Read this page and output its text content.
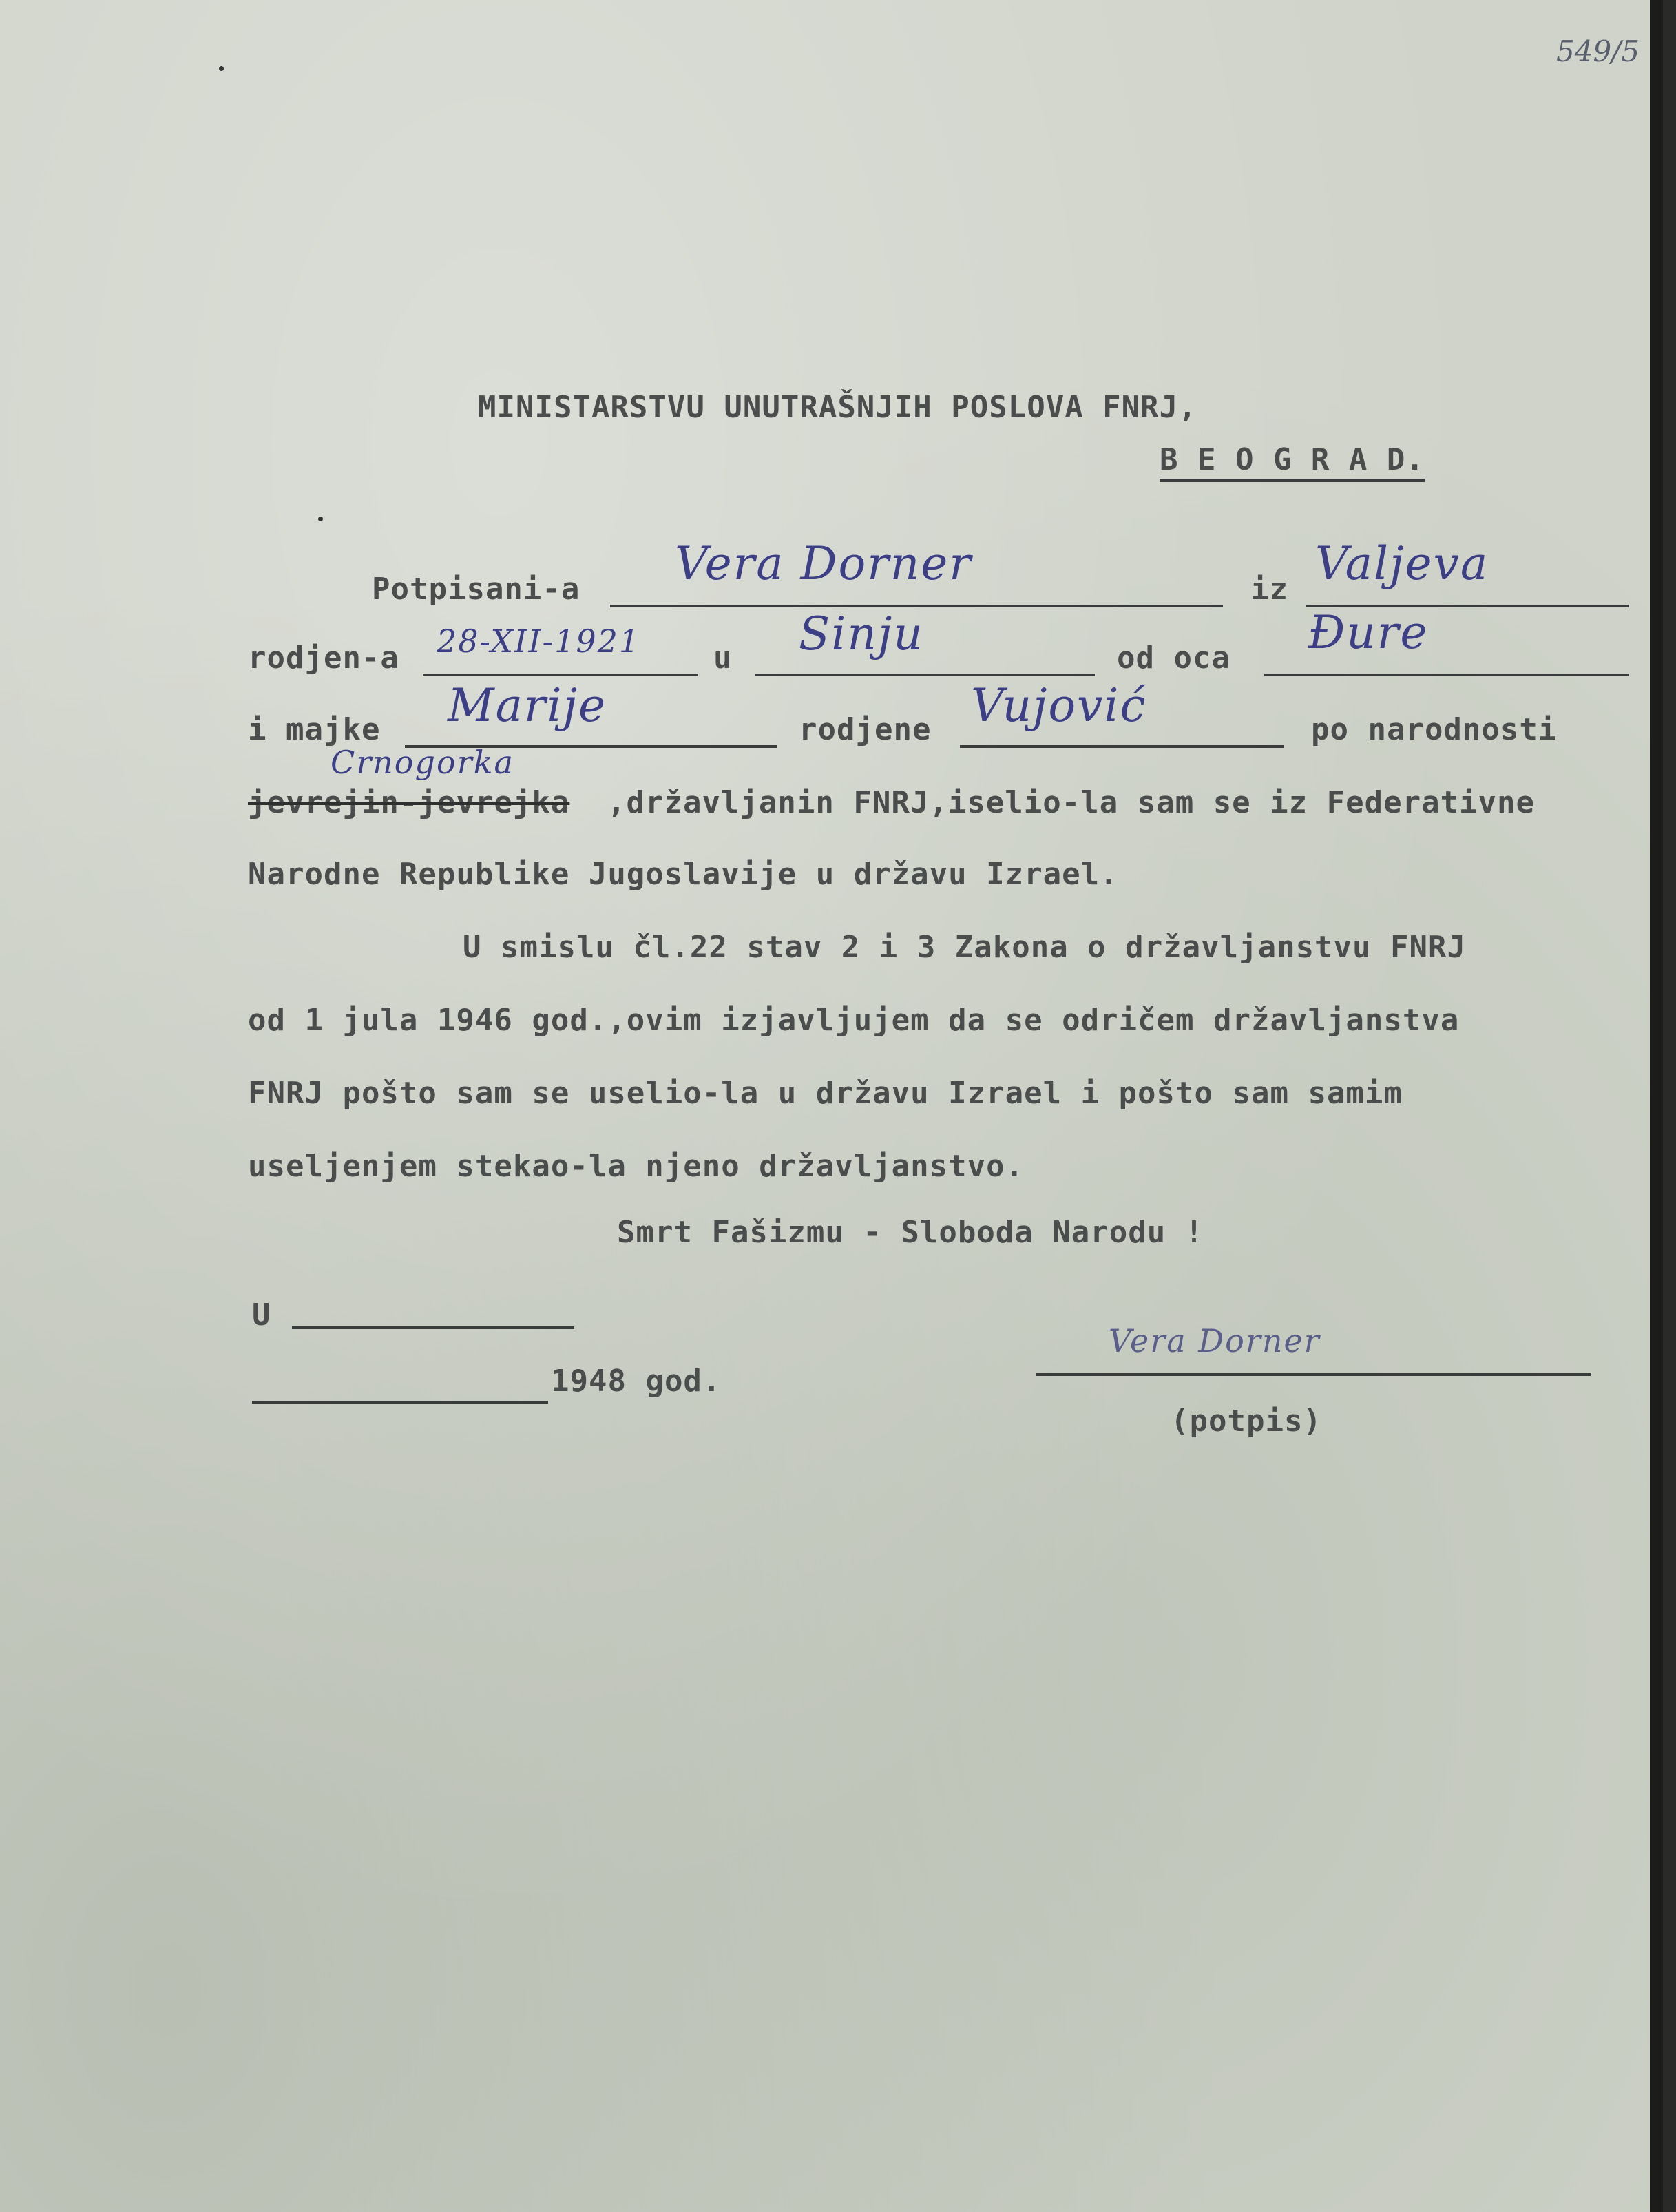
549/5
MINISTARSTVU UNUTRAŠNJIH POSLOVA FNRJ,
B E O G R A D.
Potpisani-a Vera Dorner	iz Valjeva
rodjen-a 28-XII-1921 u Sinju	od oca Đure
i majke Marije	rodjene Vujović	po narodnosti
Crnogorka
jevrejin-jevrejka ,državljanin FNRJ,iselio-la sam se iz Federativne
Narodne Republike Jugoslavije u državu Izrael.
U smislu čl.22 stav 2 i 3 Zakona o državljanstvu FNRJ
od 1 jula 1946 god.,ovim izjavljujem da se odričem državljanstva
FNRJ pošto sam se uselio-la u državu Izrael i pošto sam samim
useljenjem stekao-la njeno državljanstvo.
Smrt Fašizmu - Sloboda Narodu !
U
1948 god.
Vera Dorner
(potpis)
